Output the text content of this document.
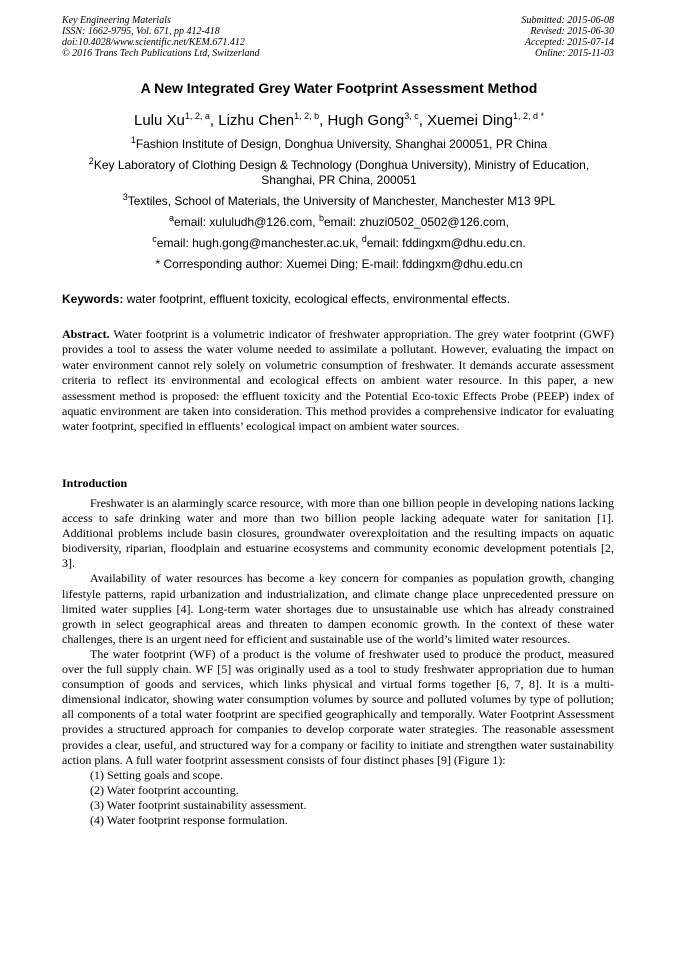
Key Engineering Materials
ISSN: 1662-9795, Vol. 671, pp 412-418
doi:10.4028/www.scientific.net/KEM.671.412
© 2016 Trans Tech Publications Ltd, Switzerland
Submitted: 2015-06-08
Revised: 2015-06-30
Accepted: 2015-07-14
Online: 2015-11-03
A New Integrated Grey Water Footprint Assessment Method
Lulu Xu$^{1, 2, a}$, Lizhu Chen$^{1, 2, b}$, Hugh Gong$^{3, c}$, Xuemei Ding$^{1, 2, d *}$
$^1$Fashion Institute of Design, Donghua University, Shanghai 200051, PR China
$^2$Key Laboratory of Clothing Design & Technology (Donghua University), Ministry of Education,
Shanghai, PR China, 200051
$^3$Textiles, School of Materials, the University of Manchester, Manchester M13 9PL
$^a$email: xululudh@126.com, $^b$email: zhuzi0502_0502@126.com,
$^c$email: hugh.gong@manchester.ac.uk, $^d$email: fddingxm@dhu.edu.cn.
* Corresponding author: Xuemei Ding; E-mail: fddingxm@dhu.edu.cn
Keywords: water footprint, effluent toxicity, ecological effects, environmental effects.
Abstract. Water footprint is a volumetric indicator of freshwater appropriation. The grey water footprint (GWF) provides a tool to assess the water volume needed to assimilate a pollutant. However, evaluating the impact on water environment cannot rely solely on volumetric consumption of freshwater. It demands accurate assessment criteria to reflect its environmental and ecological effects on ambient water resource. In this paper, a new assessment method is proposed: the effluent toxicity and the Potential Eco-toxic Effects Probe (PEEP) index of aquatic environment are taken into consideration. This method provides a comprehensive indicator for evaluating water footprint, specified in effluents’ ecological impact on ambient water sources.
Introduction

Freshwater is an alarmingly scarce resource, with more than one billion people in developing nations lacking access to safe drinking water and more than two billion people lacking adequate water for sanitation [1]. Additional problems include basin closures, groundwater overexploitation and the resulting impacts on aquatic biodiversity, riparian, floodplain and estuarine ecosystems and community economic development potentials [2, 3].

Availability of water resources has become a key concern for companies as population growth, changing lifestyle patterns, rapid urbanization and industrialization, and climate change place unprecedented pressure on limited water supplies [4]. Long-term water shortages due to unsustainable use which has already constrained growth in select geographical areas and threaten to dampen economic growth. In the context of these water challenges, there is an urgent need for efficient and sustainable use of the world’s limited water resources.

The water footprint (WF) of a product is the volume of freshwater used to produce the product, measured over the full supply chain. WF [5] was originally used as a tool to study freshwater appropriation due to human consumption of goods and services, which links physical and virtual forms together [6, 7, 8]. It is a multi-dimensional indicator, showing water consumption volumes by source and polluted volumes by type of pollution; all components of a total water footprint are specified geographically and temporally. Water Footprint Assessment provides a structured approach for companies to develop corporate water strategies. The reasonable assessment provides a clear, useful, and structured way for a company or facility to initiate and strengthen water sustainability action plans. A full water footprint assessment consists of four distinct phases [9] (Figure 1):

(1) Setting goals and scope.

(2) Water footprint accounting.

(3) Water footprint sustainability assessment.

(4) Water footprint response formulation.
